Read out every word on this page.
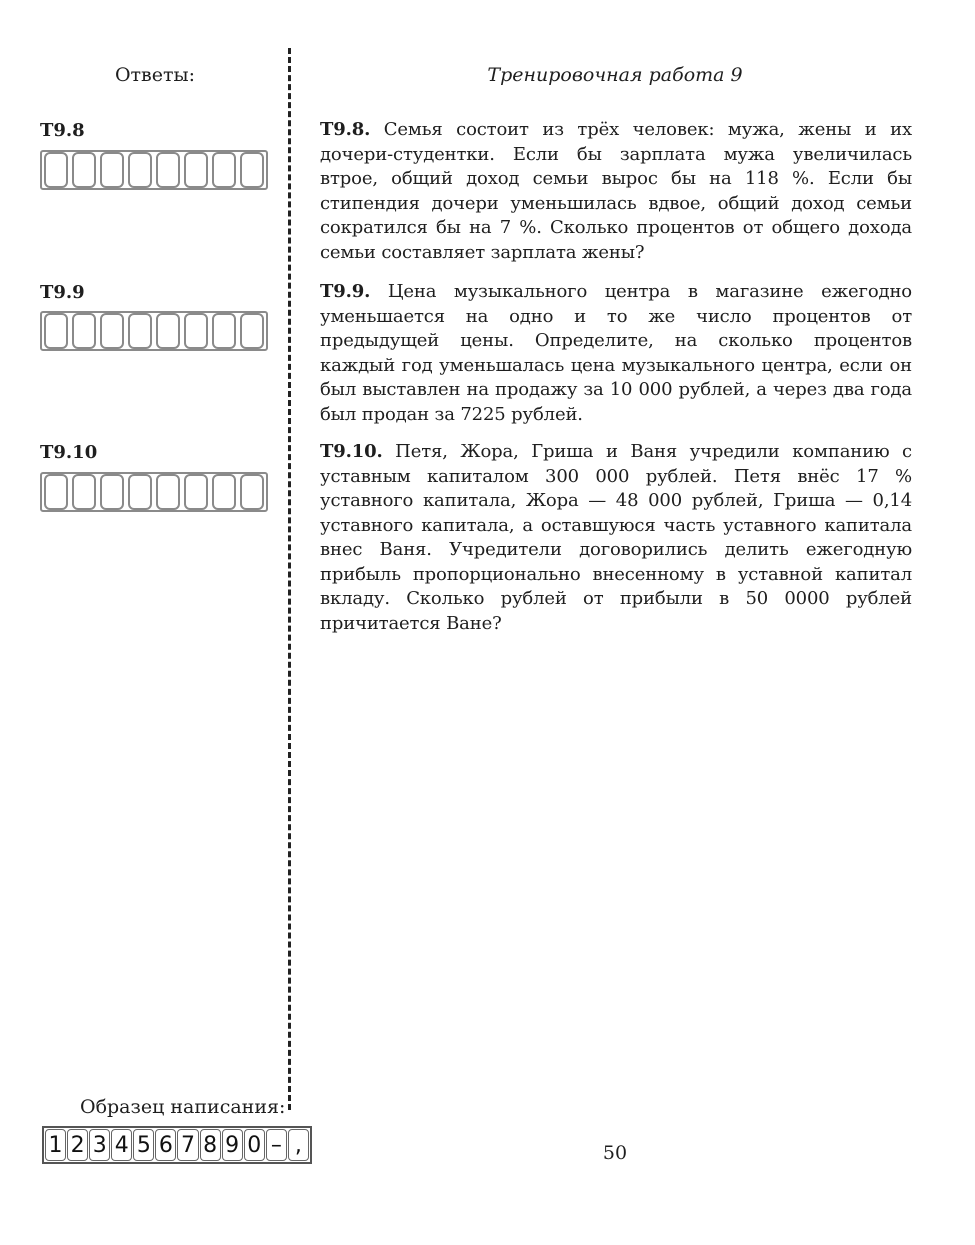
Ответы:	Тренировочная работа 9
T9.8
T9.9
T9.10
T9.8. Семья состоит из трёх человек: мужа, жены и их дочери-студентки. Если бы зарплата мужа увеличилась втрое, общий доход семьи вырос бы на 118 %. Если бы стипендия дочери уменьшилась вдвое, общий доход семьи сократился бы на 7 %. Сколько процентов от общего дохода семьи составляет зарплата жены?
T9.9. Цена музыкального центра в магазине ежегодно уменьшается на одно и то же число процентов от предыдущей цены. Определите, на сколько процентов каждый год уменьшалась цена музыкального центра, если он был выставлен на продажу за 10 000 рублей, а через два года был продан за 7225 рублей.
T9.10. Петя, Жора, Гриша и Ваня учредили компанию с уставным капиталом 300 000 рублей. Петя внёс 17 % уставного капитала, Жора — 48 000 рублей, Гриша — 0,14 уставного капитала, а оставшуюся часть уставного капитала внес Ваня. Учредители договорились делить ежегодную прибыль пропорционально внесенному в уставной капитал вкладу. Сколько рублей от прибыли в 50 0000 рублей причитается Ване?
Образец написания:
1 2 3 4 5 6 7 8 9 0 – ,	50
